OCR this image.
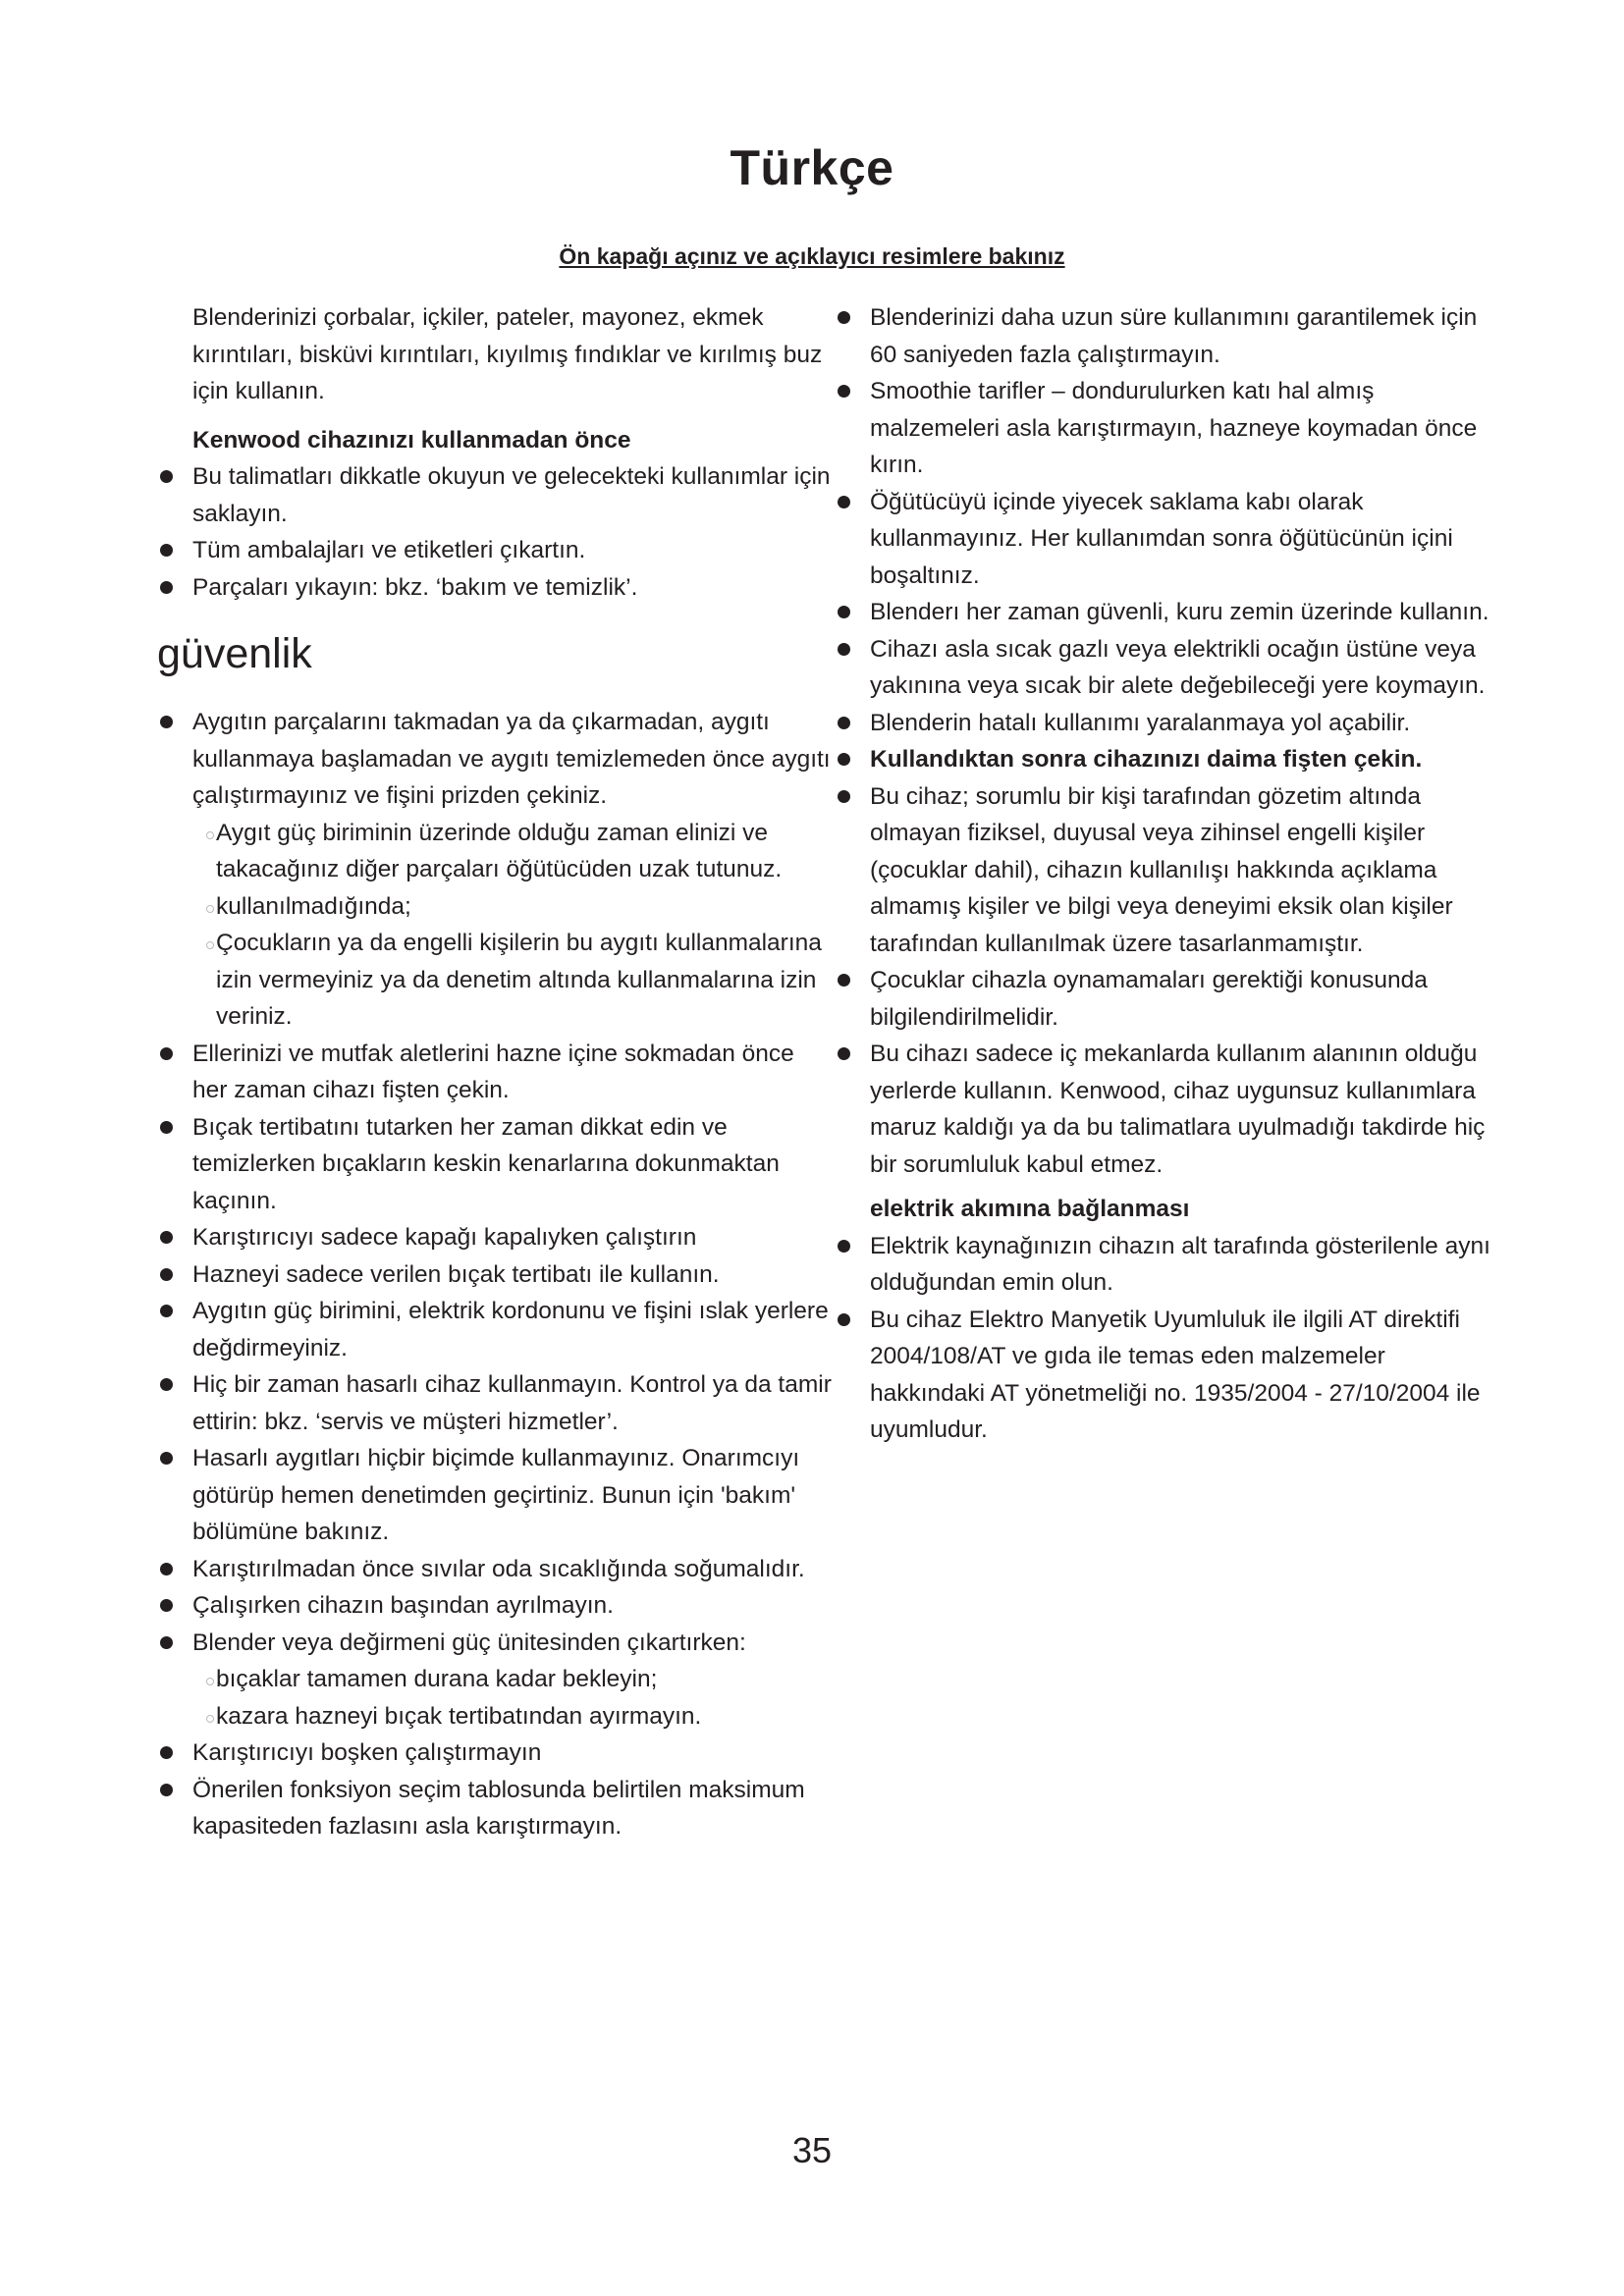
Türkçe

Ön kapağı açınız ve açıklayıcı resimlere bakınız

Blenderinizi çorbalar, içkiler, pateler, mayonez, ekmek kırıntıları, bisküvi kırıntıları, kıyılmış fındıklar ve kırılmış buz için kullanın.

Kenwood cihazınızı kullanmadan önce

Bu talimatları dikkatle okuyun ve gelecekteki kullanımlar için saklayın.

Tüm ambalajları ve etiketleri çıkartın.

Parçaları yıkayın: bkz. ‘bakım ve temizlik’.

güvenlik

Aygıtın parçalarını takmadan ya da çıkarmadan, aygıtı kullanmaya başlamadan ve aygıtı temizlemeden önce aygıtı çalıştırmayınız ve fişini prizden çekiniz.

Aygıt güç biriminin üzerinde olduğu zaman elinizi ve takacağınız diğer parçaları öğütücüden uzak tutunuz.

kullanılmadığında;

Çocukların ya da engelli kişilerin bu aygıtı kullanmalarına izin vermeyiniz ya da denetim altında kullanmalarına izin veriniz.

Ellerinizi ve mutfak aletlerini hazne içine sokmadan önce her zaman cihazı fişten çekin.

Bıçak tertibatını tutarken her zaman dikkat edin ve temizlerken bıçakların keskin kenarlarına dokunmaktan kaçının.

Karıştırıcıyı sadece kapağı kapalıyken çalıştırın

Hazneyi sadece verilen bıçak tertibatı ile kullanın.

Aygıtın güç birimini, elektrik kordonunu ve fişini ıslak yerlere değdirmeyiniz.

Hiç bir zaman hasarlı cihaz kullanmayın. Kontrol ya da tamir ettirin: bkz. ‘servis ve müşteri hizmetler’.

Hasarlı aygıtları hiçbir biçimde kullanmayınız. Onarımcıyı götürüp hemen denetimden geçirtiniz. Bunun için 'bakım' bölümüne bakınız.

Karıştırılmadan önce sıvılar oda sıcaklığında soğumalıdır.

Çalışırken cihazın başından ayrılmayın.

Blender veya değirmeni güç ünitesinden çıkartırken:

bıçaklar tamamen durana kadar bekleyin;

kazara hazneyi bıçak tertibatından ayırmayın.

Karıştırıcıyı boşken çalıştırmayın

Önerilen fonksiyon seçim tablosunda belirtilen maksimum kapasiteden fazlasını asla karıştırmayın.

Blenderinizi daha uzun süre kullanımını garantilemek için 60 saniyeden fazla çalıştırmayın.

Smoothie tarifler – dondurulurken katı hal almış malzemeleri asla karıştırmayın, hazneye koymadan önce kırın.

Öğütücüyü içinde yiyecek saklama kabı olarak kullanmayınız. Her kullanımdan sonra öğütücünün içini boşaltınız.

Blenderı her zaman güvenli, kuru zemin üzerinde kullanın.

Cihazı asla sıcak gazlı veya elektrikli ocağın üstüne veya yakınına veya sıcak bir alete değebileceği yere koymayın.

Blenderin hatalı kullanımı yaralanmaya yol açabilir.

Kullandıktan sonra cihazınızı daima fişten çekin.

Bu cihaz; sorumlu bir kişi tarafından gözetim altında olmayan fiziksel, duyusal veya zihinsel engelli kişiler (çocuklar dahil), cihazın kullanılışı hakkında açıklama almamış kişiler ve bilgi veya deneyimi eksik olan kişiler tarafından kullanılmak üzere tasarlanmamıştır.

Çocuklar cihazla oynamamaları gerektiği konusunda bilgilendirilmelidir.

Bu cihazı sadece iç mekanlarda kullanım alanının olduğu yerlerde kullanın. Kenwood, cihaz uygunsuz kullanımlara maruz kaldığı ya da bu talimatlara uyulmadığı takdirde hiç bir sorumluluk kabul etmez.

elektrik akımına bağlanması

Elektrik kaynağınızın cihazın alt tarafında gösterilenle aynı olduğundan emin olun.

Bu cihaz Elektro Manyetik Uyumluluk ile ilgili AT direktifi 2004/108/AT ve gıda ile temas eden malzemeler hakkındaki AT yönetmeliği no. 1935/2004 - 27/10/2004 ile uyumludur.

35
